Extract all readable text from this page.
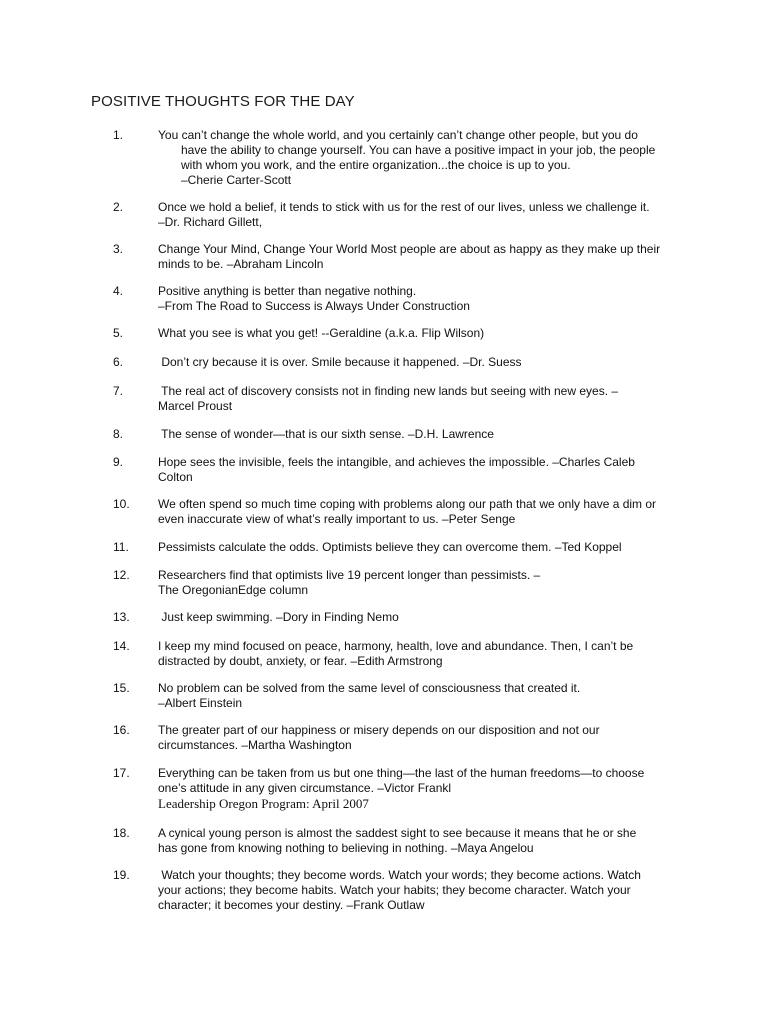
POSITIVE THOUGHTS FOR THE DAY
1.	You can’t change the whole world, and you certainly can’t change other people, but you do
have the ability to change yourself. You can have a positive impact in your job, the people
with whom you work, and the entire organization...the choice is up to you.
–Cherie Carter-Scott
2.	Once we hold a belief, it tends to stick with us for the rest of our lives, unless we challenge it.
–Dr. Richard Gillett,
3.	Change Your Mind, Change Your World Most people are about as happy as they make up their
minds to be. –Abraham Lincoln
4.	Positive anything is better than negative nothing.
–From The Road to Success is Always Under Construction
5.	What you see is what you get! --Geraldine (a.k.a. Flip Wilson)
6.	Don’t cry because it is over. Smile because it happened. –Dr. Suess
7.	The real act of discovery consists not in finding new lands but seeing with new eyes. –
Marcel Proust
8.	The sense of wonder—that is our sixth sense. –D.H. Lawrence
9.	Hope sees the invisible, feels the intangible, and achieves the impossible. –Charles Caleb
Colton
10. We often spend so much time coping with problems along our path that we only have a dim or
even inaccurate view of what’s really important to us. –Peter Senge
11. Pessimists calculate the odds. Optimists believe they can overcome them. –Ted Koppel
12. Researchers find that optimists live 19 percent longer than pessimists. –
The OregonianEdge column
13. Just keep swimming. –Dory in Finding Nemo
14. I keep my mind focused on peace, harmony, health, love and abundance. Then, I can’t be
distracted by doubt, anxiety, or fear. –Edith Armstrong
15. No problem can be solved from the same level of consciousness that created it.
–Albert Einstein
16. The greater part of our happiness or misery depends on our disposition and not our
circumstances. –Martha Washington
17. Everything can be taken from us but one thing—the last of the human freedoms—to choose
one’s attitude in any given circumstance. –Victor Frankl
Leadership Oregon Program: April 2007
18. A cynical young person is almost the saddest sight to see because it means that he or she
has gone from knowing nothing to believing in nothing. –Maya Angelou
19. Watch your thoughts; they become words. Watch your words; they become actions. Watch
your actions; they become habits. Watch your habits; they become character. Watch your
character; it becomes your destiny. –Frank Outlaw
